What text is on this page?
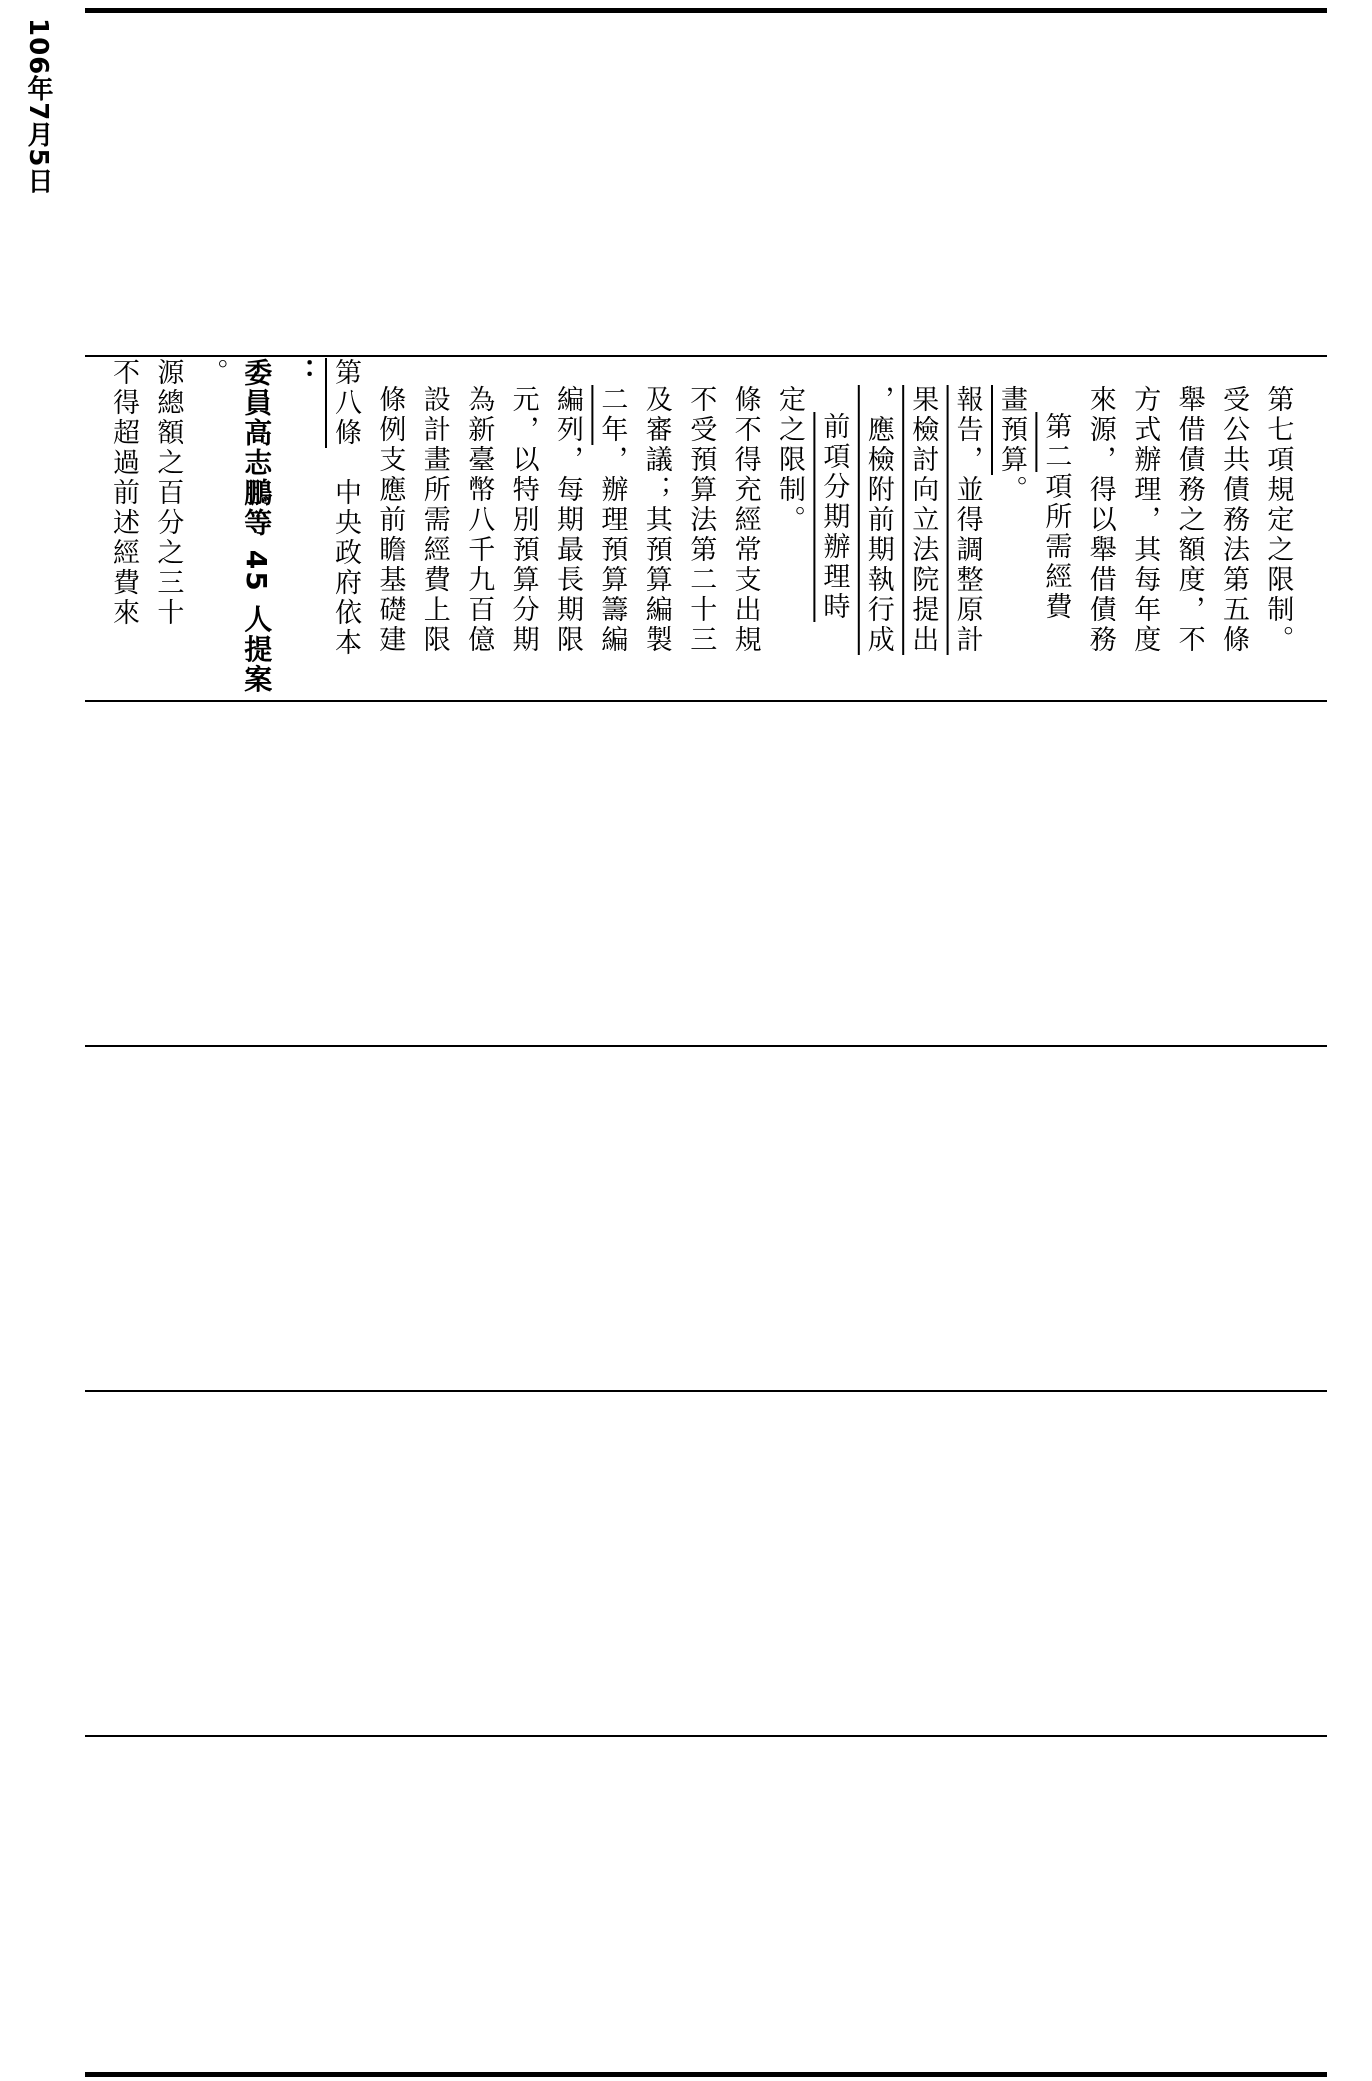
106年7月5日
不得超過前述經費來 源總額之百分之三十 。 委員高志鵬等 45 人提案 ： 第八條　中央政府依本 條例支應前瞻基礎建 設計畫所需經費上限 為新臺幣八千九百億 元，以特別預算分期 編列，每期最長期限 二年，辦理預算籌編 及審議；其預算編製 不受預算法第二十三 條不得充經常支出規 定之限制。 前項分期辦理時 ，應檢附前期執行成 果檢討向立法院提出 報告，並得調整原計 畫預算。
第二項所需經費 來源，得以舉借債務 方式辦理，其每年度 舉借債務之額度，不 受公共債務法第五條 第七項規定之限制。
